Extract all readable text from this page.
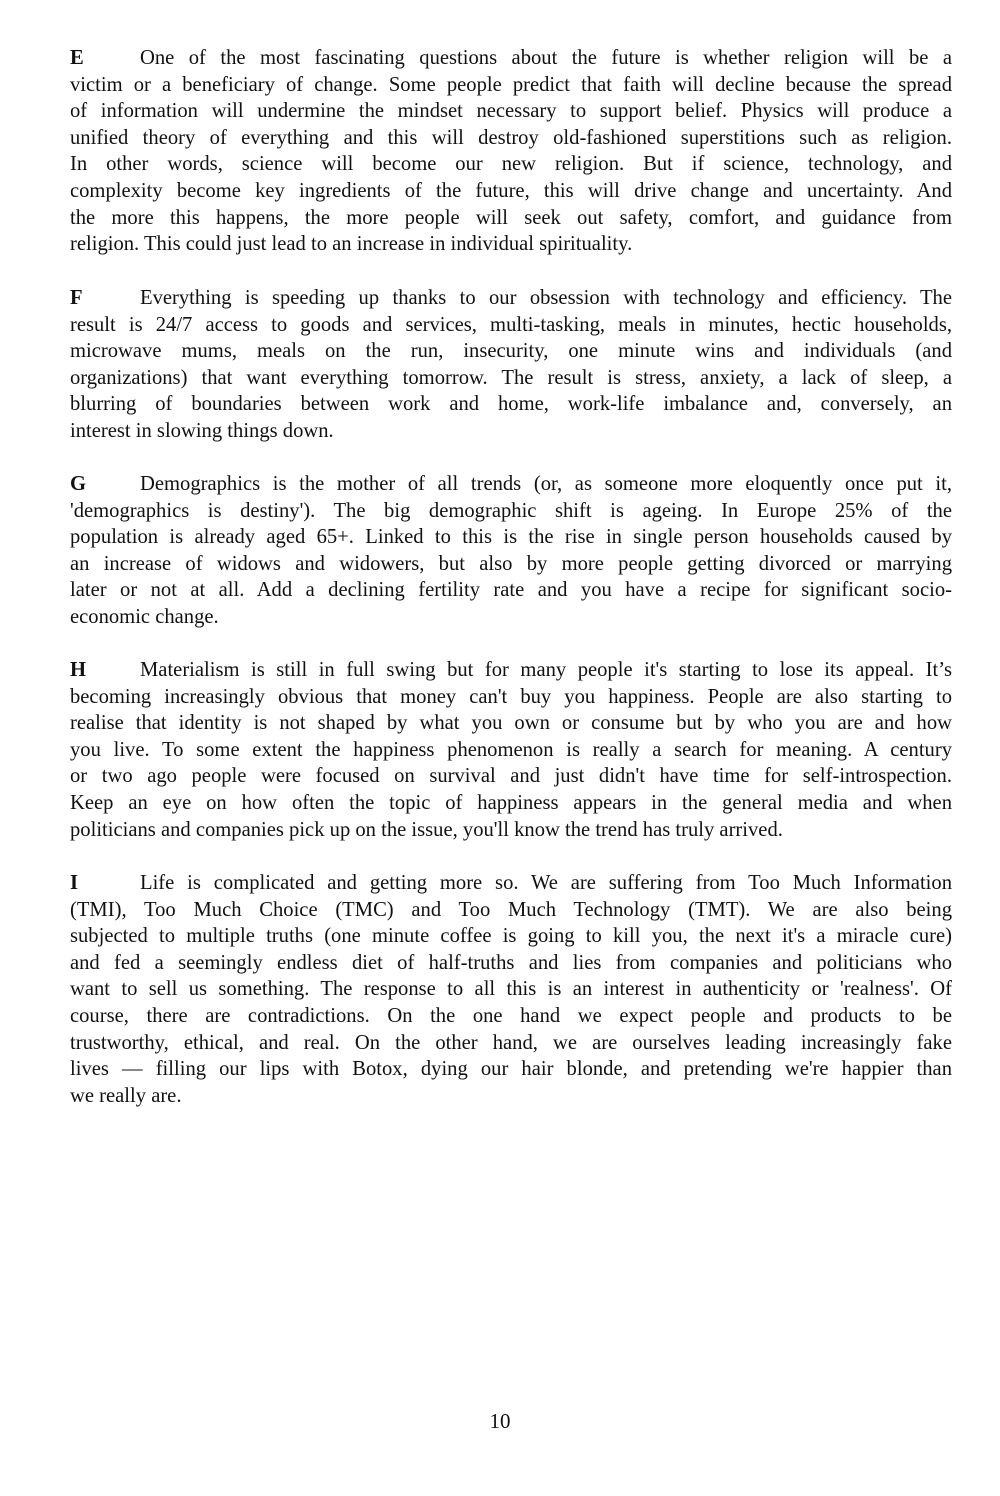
E	One of the most fascinating questions about the future is whether religion will be a
victim or a beneficiary of change. Some people predict that faith will decline because the spread
of information will undermine the mindset necessary to support belief. Physics will produce a
unified theory of everything and this will destroy old-fashioned superstitions such as religion.
In other words, science will become our new religion. But if science, technology, and
complexity become key ingredients of the future, this will drive change and uncertainty. And
the more this happens, the more people will seek out safety, comfort, and guidance from
religion. This could just lead to an increase in individual spirituality.
F	Everything is speeding up thanks to our obsession with technology and efficiency. The
result is 24/7 access to goods and services, multi-tasking, meals in minutes, hectic households,
microwave mums, meals on the run, insecurity, one minute wins and individuals (and
organizations) that want everything tomorrow. The result is stress, anxiety, a lack of sleep, a
blurring of boundaries between work and home, work-life imbalance and, conversely, an
interest in slowing things down.
G	Demographics is the mother of all trends (or, as someone more eloquently once put it,
'demographics is destiny'). The big demographic shift is ageing. In Europe 25% of the
population is already aged 65+. Linked to this is the rise in single person households caused by
an increase of widows and widowers, but also by more people getting divorced or marrying
later or not at all. Add a declining fertility rate and you have a recipe for significant socio-
economic change.
H	Materialism is still in full swing but for many people it's starting to lose its appeal. It’s
becoming increasingly obvious that money can't buy you happiness. People are also starting to
realise that identity is not shaped by what you own or consume but by who you are and how
you live. To some extent the happiness phenomenon is really a search for meaning. A century
or two ago people were focused on survival and just didn't have time for self-introspection.
Keep an eye on how often the topic of happiness appears in the general media and when
politicians and companies pick up on the issue, you'll know the trend has truly arrived.
I	Life is complicated and getting more so. We are suffering from Too Much Information
(TMI), Too Much Choice (TMC) and Too Much Technology (TMT). We are also being
subjected to multiple truths (one minute coffee is going to kill you, the next it's a miracle cure)
and fed a seemingly endless diet of half-truths and lies from companies and politicians who
want to sell us something. The response to all this is an interest in authenticity or 'realness'. Of
course, there are contradictions. On the one hand we expect people and products to be
trustworthy, ethical, and real. On the other hand, we are ourselves leading increasingly fake
lives — filling our lips with Botox, dying our hair blonde, and pretending we're happier than
we really are.
10
